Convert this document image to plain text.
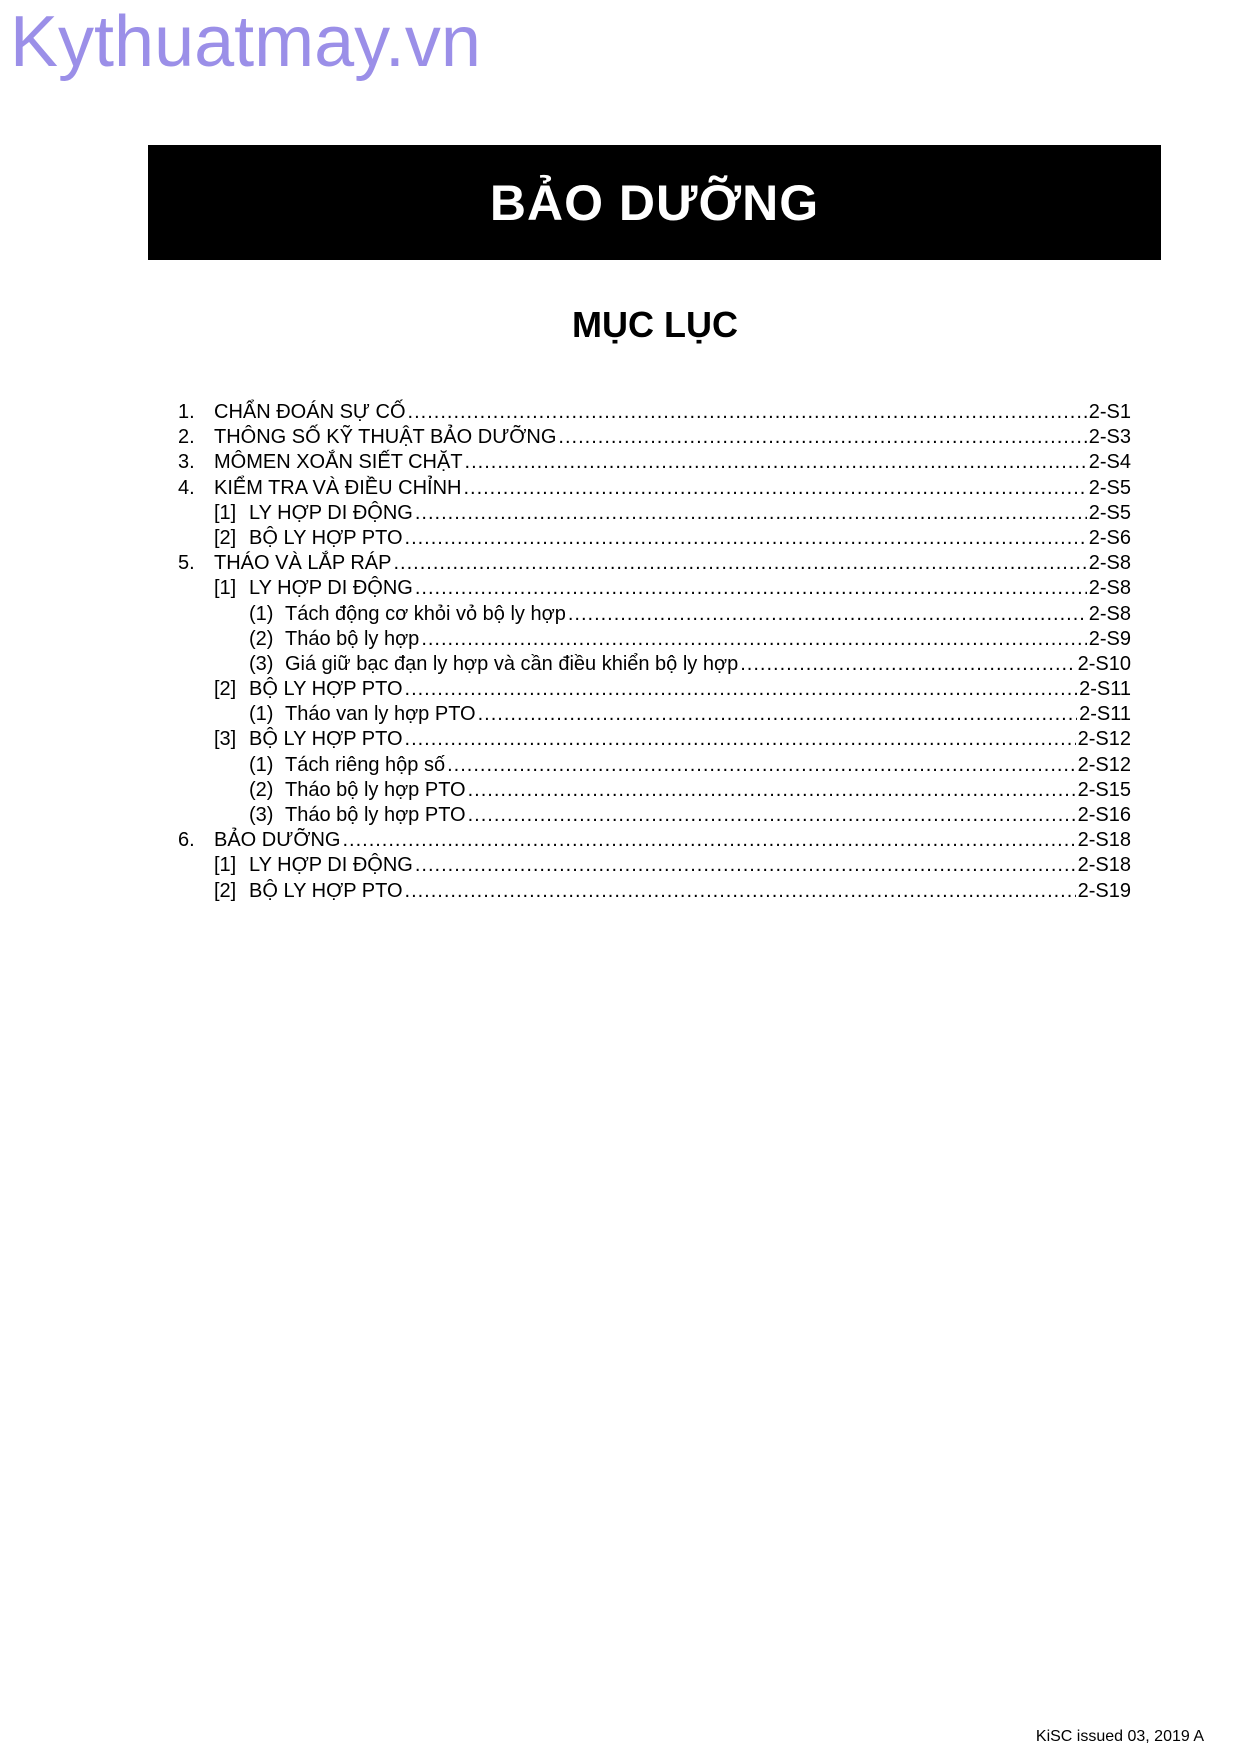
Kythuatmay.vn
BẢO DƯỠNG
MỤC LỤC
1. CHẨN ĐOÁN SỰ CỐ .....	2-S1
2. THÔNG SỐ KỸ THUẬT BẢO DƯỠNG .....	2-S3
3. MÔMEN XOẮN SIẾT CHẶT .....	2-S4
4. KIỂM TRA VÀ ĐIỀU CHỈNH .....	2-S5
[1] LY HỢP DI ĐỘNG .....	2-S5
[2] BỘ LY HỢP PTO .....	2-S6
5. THÁO VÀ LẮP RÁP .....	2-S8
[1] LY HỢP DI ĐỘNG .....	2-S8
(1) Tách động cơ khỏi vỏ bộ ly hợp .....	2-S8
(2) Tháo bộ ly hợp .....	2-S9
(3) Giá giữ bạc đạn ly hợp và cần điều khiển bộ ly hợp .....	2-S10
[2] BỘ LY HỢP PTO .....	2-S11
(1) Tháo van ly hợp PTO .....	2-S11
[3] BỘ LY HỢP PTO .....	2-S12
(1) Tách riêng hộp số .....	2-S12
(2) Tháo bộ ly hợp PTO .....	2-S15
(3) Tháo bộ ly hợp PTO .....	2-S16
6. BẢO DƯỠNG .....	2-S18
[1] LY HỢP DI ĐỘNG .....	2-S18
[2] BỘ LY HỢP PTO .....	2-S19
KiSC issued 03, 2019 A
